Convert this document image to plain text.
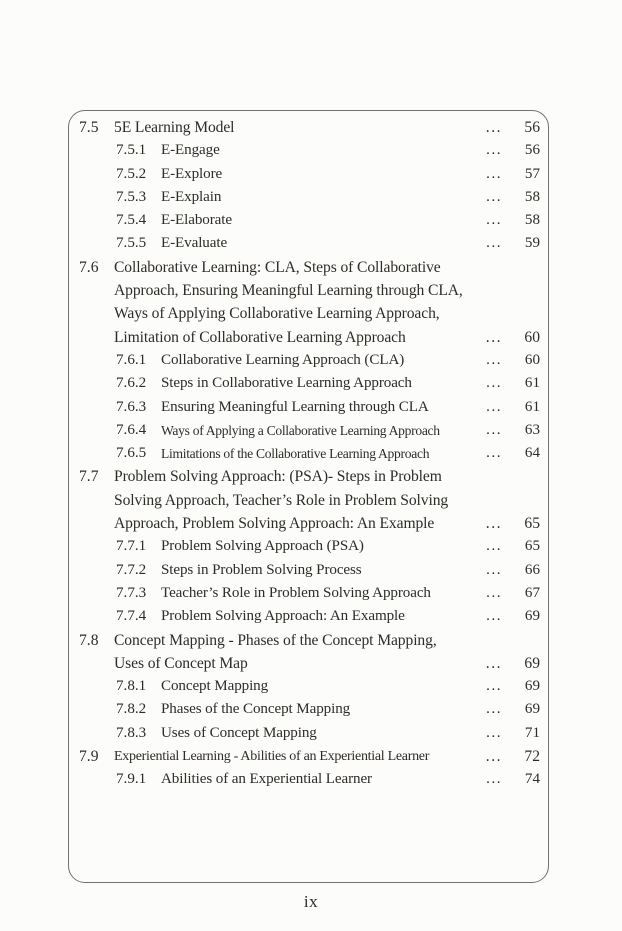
7.5 5E Learning Model	...	56
7.5.1 E-Engage	...	56
7.5.2 E-Explore	...	57
7.5.3 E-Explain	...	58
7.5.4 E-Elaborate	...	58
7.5.5 E-Evaluate	...	59
7.6 Collaborative Learning: CLA, Steps of Collaborative
Approach, Ensuring Meaningful Learning through CLA,
Ways of Applying Collaborative Learning Approach,
Limitation of Collaborative Learning Approach	...	60
7.6.1 Collaborative Learning Approach (CLA)	...	60
7.6.2 Steps in Collaborative Learning Approach	...	61
7.6.3 Ensuring Meaningful Learning through CLA	...	61
7.6.4	Ways of Applying a Collaborative Learning Approach	...	63
7.6.5	Limitations of the Collaborative Learning Approach	...	64
7.7 Problem Solving Approach: (PSA)- Steps in Problem
Solving Approach, Teacher’s Role in Problem Solving
Approach, Problem Solving Approach: An Example	...	65
7.7.1 Problem Solving Approach (PSA)	...	65
7.7.2 Steps in Problem Solving Process	...	66
7.7.3 Teacher’s Role in Problem Solving Approach	...	67
7.7.4 Problem Solving Approach: An Example	...	69
7.8 Concept Mapping - Phases of the Concept Mapping,
Uses of Concept Map	...	69
7.8.1 Concept Mapping	...	69
7.8.2 Phases of the Concept Mapping	...	69
7.8.3 Uses of Concept Mapping	...	71
7.9	Experiential Learning - Abilities of an Experiential Learner	...	72
7.9.1 Abilities of an Experiential Learner	...	74
ix
